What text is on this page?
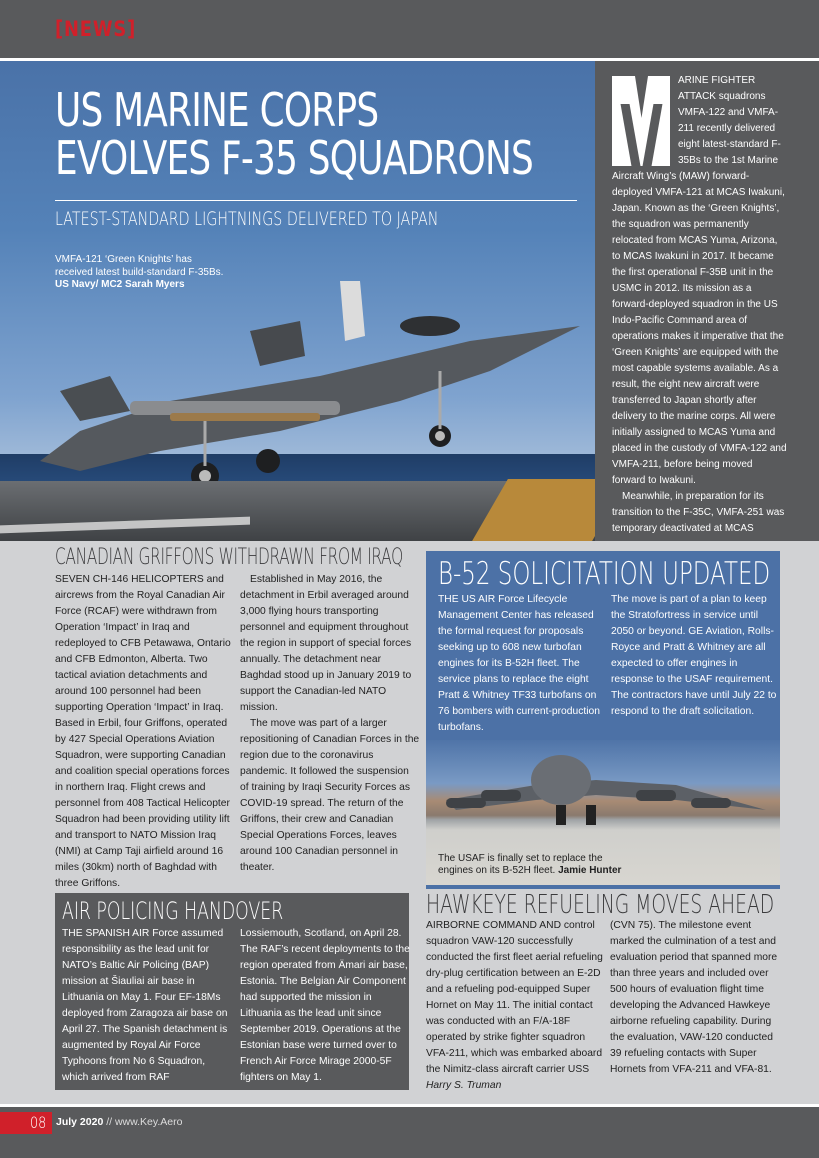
[NEWS]
US MARINE CORPS
EVOLVES F-35 SQUADRONS
LATEST-STANDARD LIGHTNINGS DELIVERED TO JAPAN
VMFA-121 ‘Green Knights’ has received latest build-standard F-35Bs. US Navy/ MC2 Sarah Myers
ARINE FIGHTER ATTACK squadrons VMFA-122 and VMFA-211 recently delivered eight latest-standard F-35Bs to the 1st Marine Aircraft Wing’s (MAW) forward-deployed VMFA-121 at MCAS Iwakuni, Japan. Known as the ‘Green Knights’, the squadron was permanently relocated from MCAS Yuma, Arizona, to MCAS Iwakuni in 2017. It became the first operational F-35B unit in the USMC in 2012. Its mission as a forward-deployed squadron in the US Indo-Pacific Command area of operations makes it imperative that the ‘Green Knights’ are equipped with the most capable systems available. As a result, the eight new aircraft were transferred to Japan shortly after delivery to the marine corps. All were initially assigned to MCAS Yuma and placed in the custody of VMFA-122 and VMFA-211, before being moved forward to Iwakuni.
Meanwhile, in preparation for its transition to the F-35C, VMFA-251 was temporary deactivated at MCAS
CANADIAN GRIFFONS WITHDRAWN FROM IRAQ
SEVEN CH-146 HELICOPTERS and aircrews from the Royal Canadian Air Force (RCAF) were withdrawn from Operation ‘Impact’ in Iraq and redeployed to CFB Petawawa, Ontario and CFB Edmonton, Alberta. Two tactical aviation detachments and around 100 personnel had been supporting Operation ‘Impact’ in Iraq. Based in Erbil, four Griffons, operated by 427 Special Operations Aviation Squadron, were supporting Canadian and coalition special operations forces in northern Iraq. Flight crews and personnel from 408 Tactical Helicopter Squadron had been providing utility lift and transport to NATO Mission Iraq (NMI) at Camp Taji airfield around 16 miles (30km) north of Baghdad with three Griffons.
Established in May 2016, the detachment in Erbil averaged around 3,000 flying hours transporting personnel and equipment throughout the region in support of special forces annually. The detachment near Baghdad stood up in January 2019 to support the Canadian-led NATO mission.
The move was part of a larger repositioning of Canadian Forces in the region due to the coronavirus pandemic. It followed the suspension of training by Iraqi Security Forces as COVID-19 spread. The return of the Griffons, their crew and Canadian Special Operations Forces, leaves around 100 Canadian personnel in theater.
B-52 SOLICITATION UPDATED
THE US AIR Force Lifecycle Management Center has released the formal request for proposals seeking up to 608 new turbofan engines for its B-52H fleet. The service plans to replace the eight Pratt & Whitney TF33 turbofans on 76 bombers with current-production turbofans.
The move is part of a plan to keep the Stratofortress in service until 2050 or beyond. GE Aviation, Rolls-Royce and Pratt & Whitney are all expected to offer engines in response to the USAF requirement. The contractors have until July 22 to respond to the draft solicitation.
The USAF is finally set to replace the engines on its B-52H fleet. Jamie Hunter
AIR POLICING HANDOVER
THE SPANISH AIR Force assumed responsibility as the lead unit for NATO’s Baltic Air Policing (BAP) mission at Šiauliai air base in Lithuania on May 1. Four EF-18Ms deployed from Zaragoza air base on April 27. The Spanish detachment is augmented by Royal Air Force Typhoons from No 6 Squadron, which arrived from RAF
Lossiemouth, Scotland, on April 28. The RAF’s recent deployments to the region operated from Ämari air base, Estonia. The Belgian Air Component had supported the mission in Lithuania as the lead unit since September 2019. Operations at the Estonian base were turned over to French Air Force Mirage 2000-5F fighters on May 1.
HAWKEYE REFUELING MOVES AHEAD
AIRBORNE COMMAND AND control squadron VAW-120 successfully conducted the first fleet aerial refueling dry-plug certification between an E-2D and a refueling pod-equipped Super Hornet on May 11. The initial contact was conducted with an F/A-18F operated by strike fighter squadron VFA-211, which was embarked aboard the Nimitz-class aircraft carrier USS Harry S. Truman
(CVN 75). The milestone event marked the culmination of a test and evaluation period that spanned more than three years and included over 500 hours of evaluation flight time developing the Advanced Hawkeye airborne refueling capability. During the evaluation, VAW-120 conducted 39 refueling contacts with Super Hornets from VFA-211 and VFA-81.
08 July 2020 // www.Key.Aero
